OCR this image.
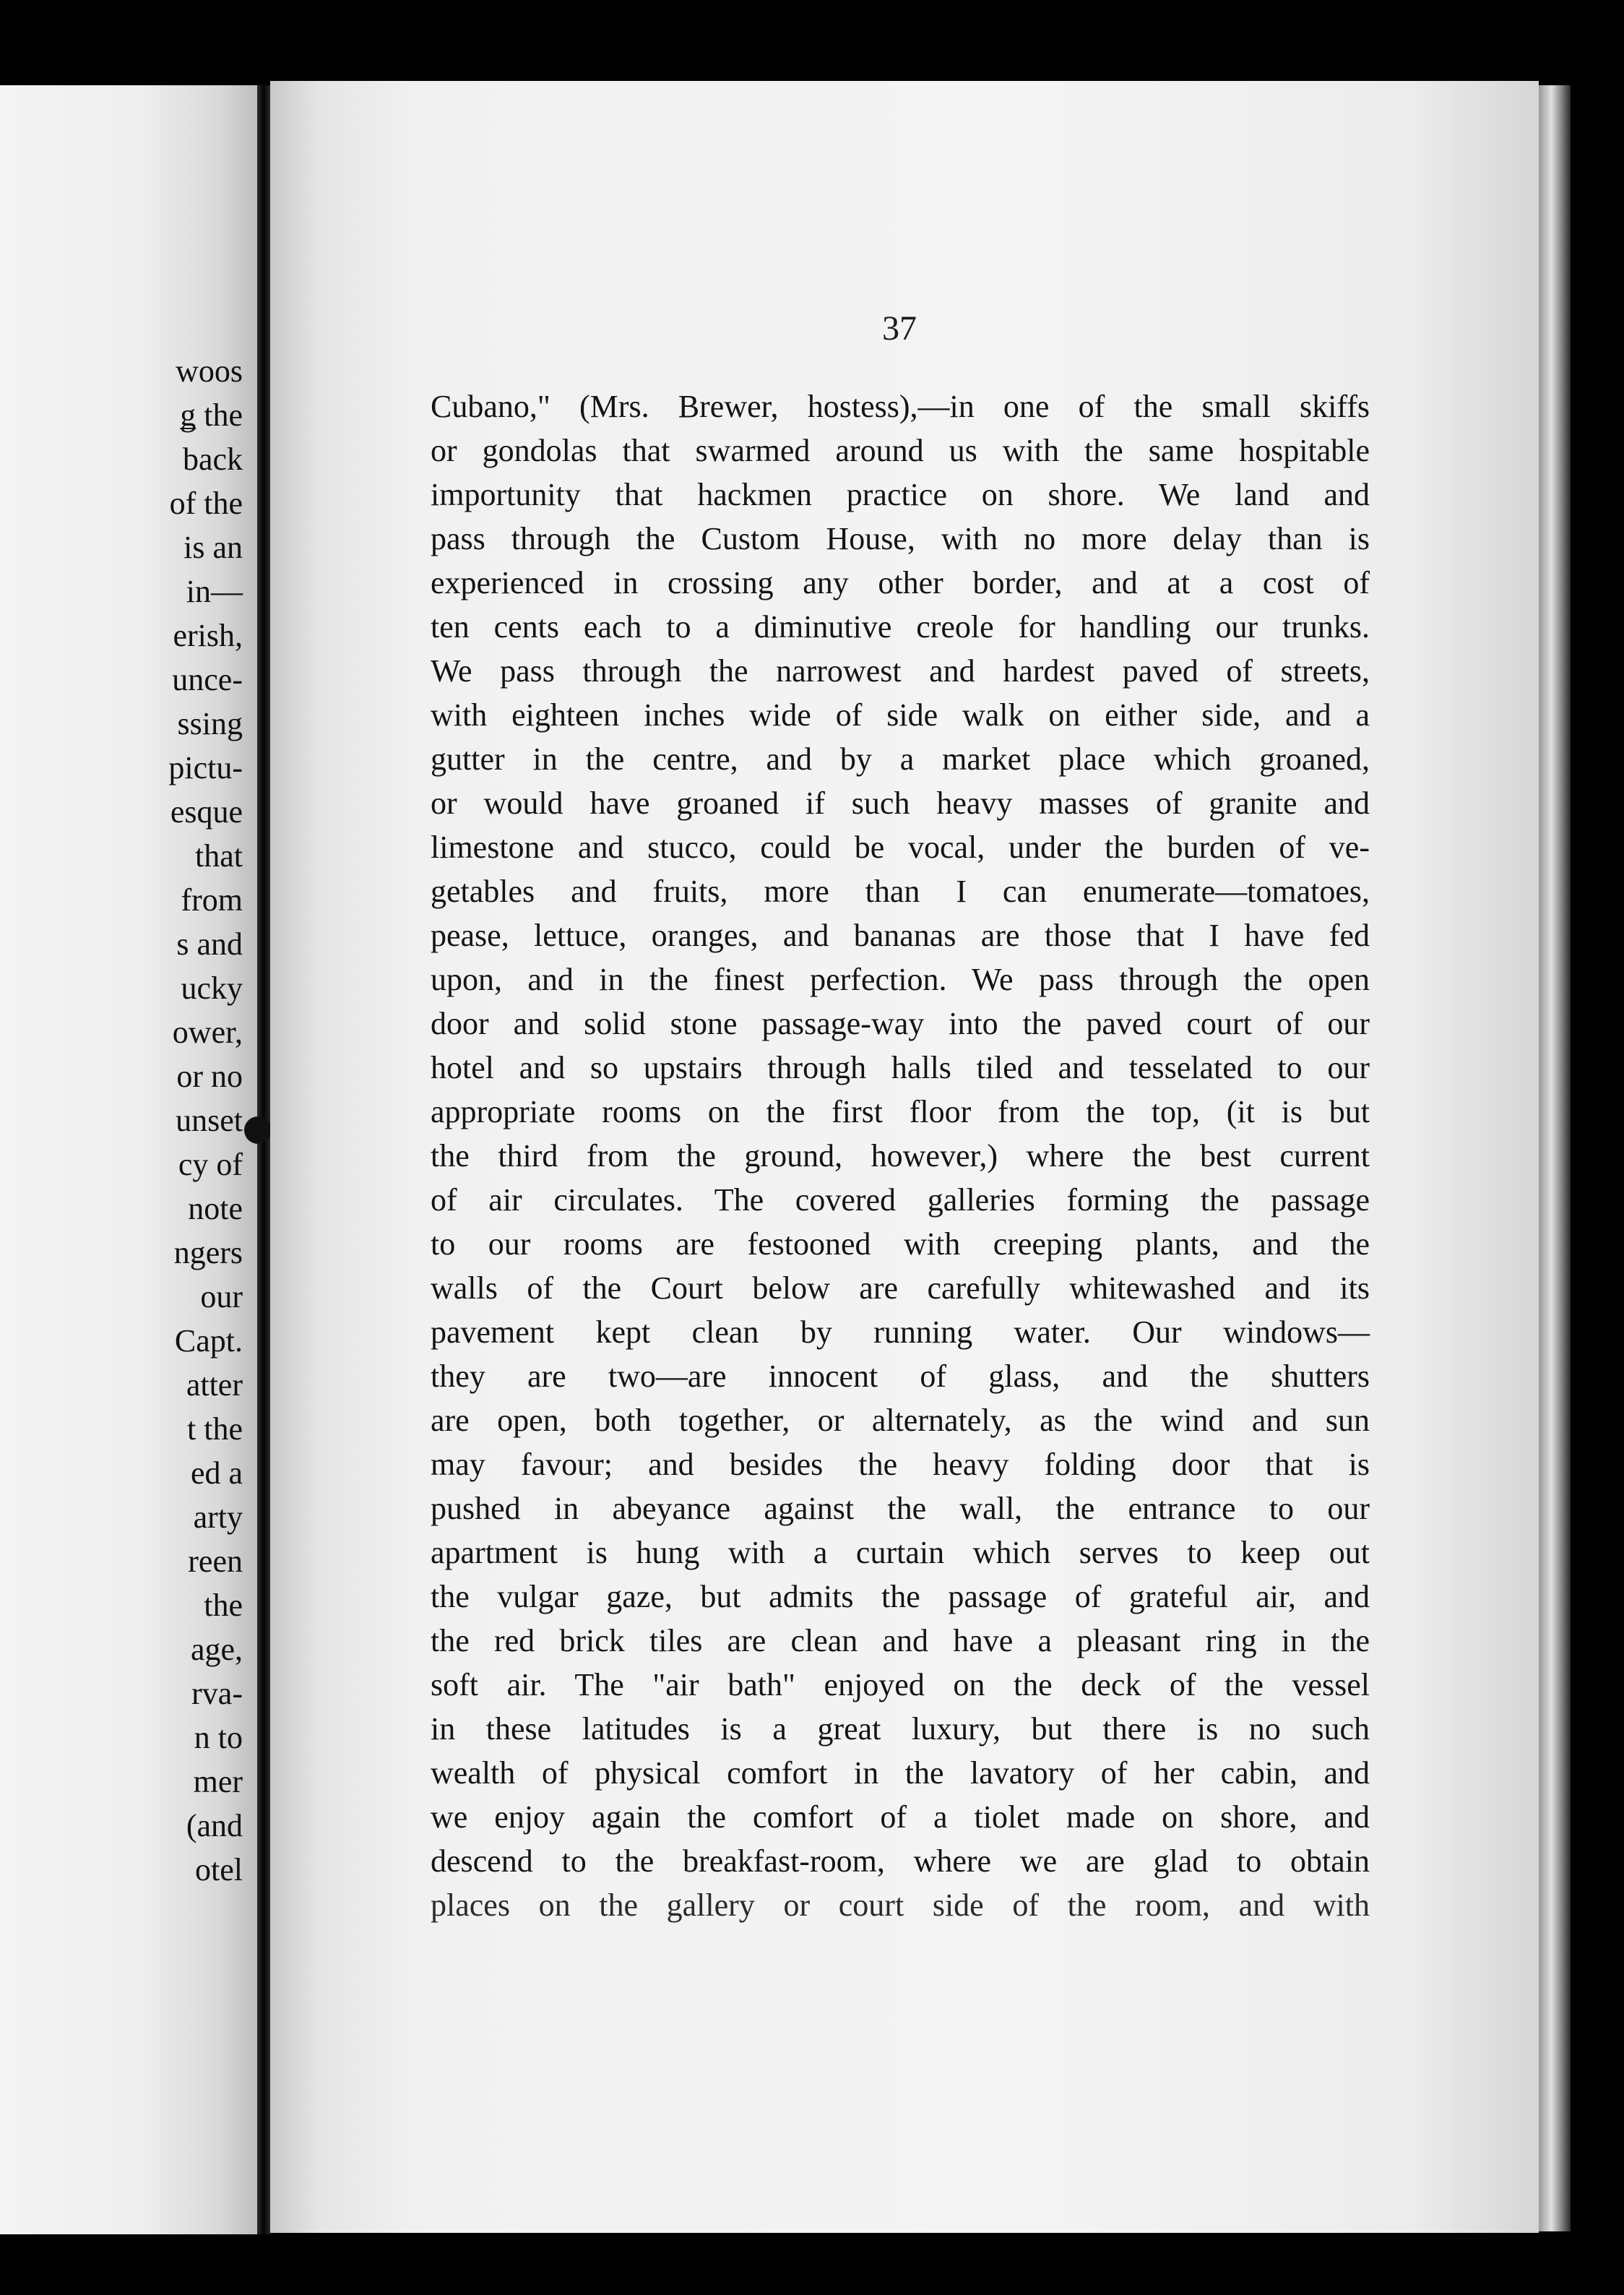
woos
ǥ the
back
of the
is an
in—
erish,
unce-
ssing
pictu-
esque
that
from
s and
ucky
ower,
or no
unset
cy of
note
ngers
our
Capt.
atter
t the
ed a
arty
reen
the
age,
rva-
n to
mer
(and
otel
37
Cubano," (Mrs. Brewer, hostess),—in one of the small skiffs
or gondolas that swarmed around us with the same hospitable
importunity that hackmen practice on shore. We land and
pass through the Custom House, with no more delay than is
experienced in crossing any other border, and at a cost of
ten cents each to a diminutive creole for handling our trunks.
We pass through the narrowest and hardest paved of streets,
with eighteen inches wide of side walk on either side, and a
gutter in the centre, and by a market place which groaned,
or would have groaned if such heavy masses of granite and
limestone and stucco, could be vocal, under the burden of ve-
getables and fruits, more than I can enumerate—tomatoes,
pease, lettuce, oranges, and bananas are those that I have fed
upon, and in the finest perfection. We pass through the open
door and solid stone passage-way into the paved court of our
hotel and so upstairs through halls tiled and tesselated to our
appropriate rooms on the first floor from the top, (it is but
the third from the ground, however,) where the best current
of air circulates. The covered galleries forming the passage
to our rooms are festooned with creeping plants, and the
walls of the Court below are carefully whitewashed and its
pavement kept clean by running water. Our windows—
they are two—are innocent of glass, and the shutters
are open, both together, or alternately, as the wind and sun
may favour; and besides the heavy folding door that is
pushed in abeyance against the wall, the entrance to our
apartment is hung with a curtain which serves to keep out
the vulgar gaze, but admits the passage of grateful air, and
the red brick tiles are clean and have a pleasant ring in the
soft air. The "air bath" enjoyed on the deck of the vessel
in these latitudes is a great luxury, but there is no such
wealth of physical comfort in the lavatory of her cabin, and
we enjoy again the comfort of a tiolet made on shore, and
descend to the breakfast-room, where we are glad to obtain
places on the gallery or court side of the room, and with
